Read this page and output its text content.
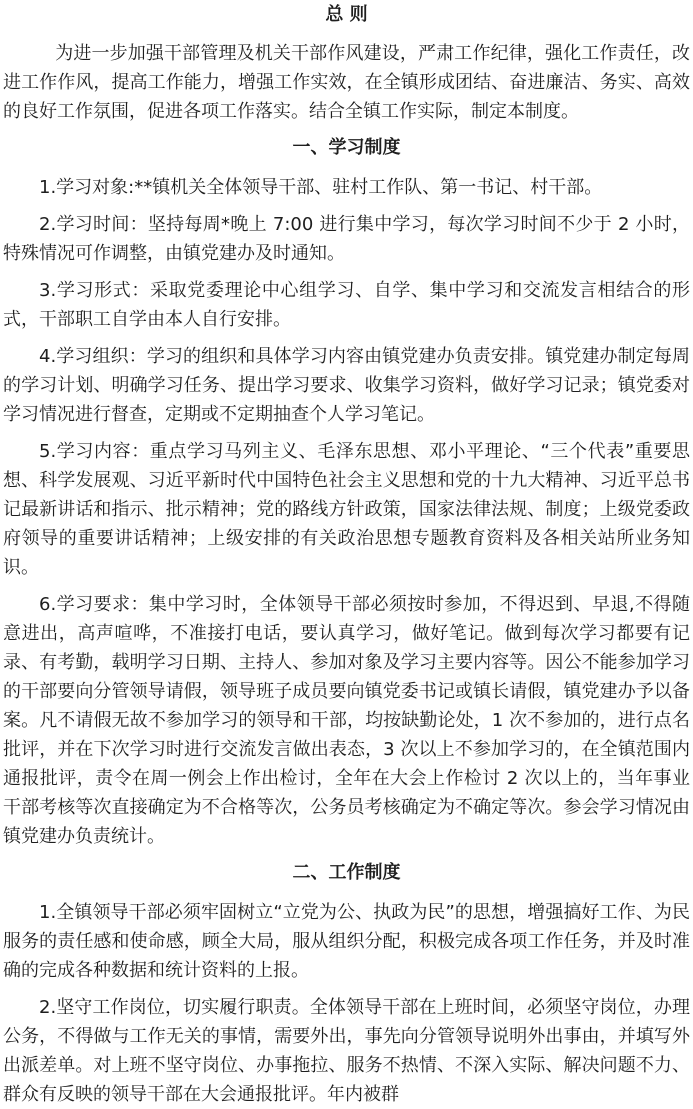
总 则

为进一步加强干部管理及机关干部作风建设，严肃工作纪律，强化工作责任，改进工作作风，提高工作能力，增强工作实效，在全镇形成团结、奋进廉洁、务实、高效的良好工作氛围，促进各项工作落实。结合全镇工作实际，制定本制度。

一、学习制度

1.学习对象:**镇机关全体领导干部、驻村工作队、第一书记、村干部。

2.学习时间：坚持每周*晚上 7:00 进行集中学习，每次学习时间不少于 2 小时，特殊情况可作调整，由镇党建办及时通知。

3.学习形式：采取党委理论中心组学习、自学、集中学习和交流发言相结合的形式，干部职工自学由本人自行安排。

4.学习组织：学习的组织和具体学习内容由镇党建办负责安排。镇党建办制定每周的学习计划、明确学习任务、提出学习要求、收集学习资料，做好学习记录；镇党委对学习情况进行督查，定期或不定期抽查个人学习笔记。

5.学习内容：重点学习马列主义、毛泽东思想、邓小平理论、“三个代表”重要思想、科学发展观、习近平新时代中国特色社会主义思想和党的十九大精神、习近平总书记最新讲话和指示、批示精神；党的路线方针政策，国家法律法规、制度；上级党委政府领导的重要讲话精神；上级安排的有关政治思想专题教育资料及各相关站所业务知识。

6.学习要求：集中学习时，全体领导干部必须按时参加，不得迟到、早退,不得随意进出，高声喧哗，不准接打电话，要认真学习，做好笔记。做到每次学习都要有记录、有考勤，载明学习日期、主持人、参加对象及学习主要内容等。因公不能参加学习的干部要向分管领导请假，领导班子成员要向镇党委书记或镇长请假，镇党建办予以备案。凡不请假无故不参加学习的领导和干部，均按缺勤论处，1 次不参加的，进行点名批评，并在下次学习时进行交流发言做出表态，3 次以上不参加学习的，在全镇范围内通报批评，责令在周一例会上作出检讨，全年在大会上作检讨 2 次以上的，当年事业干部考核等次直接确定为不合格等次，公务员考核确定为不确定等次。参会学习情况由镇党建办负责统计。

二、工作制度

1.全镇领导干部必须牢固树立“立党为公、执政为民”的思想，增强搞好工作、为民服务的责任感和使命感，顾全大局，服从组织分配，积极完成各项工作任务，并及时准确的完成各种数据和统计资料的上报。

2.坚守工作岗位，切实履行职责。全体领导干部在上班时间，必须坚守岗位，办理公务，不得做与工作无关的事情，需要外出，事先向分管领导说明外出事由，并填写外出派差单。对上班不坚守岗位、办事拖拉、服务不热情、不深入实际、解决问题不力、群众有反映的领导干部在大会通报批评。年内被群
